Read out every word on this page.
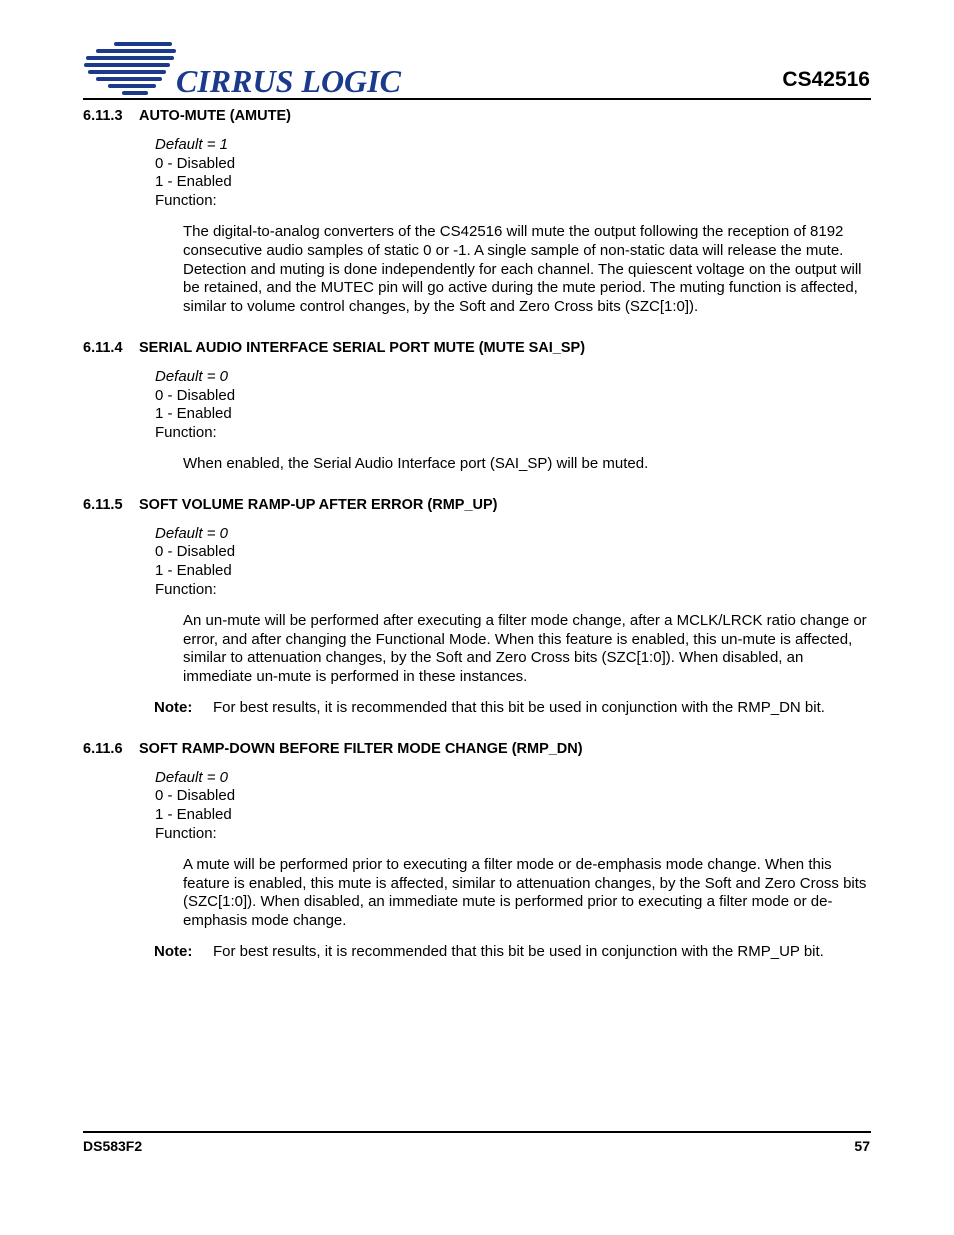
CIRRUS LOGIC	CS42516
6.11.3 AUTO-MUTE (AMUTE)
Default = 1
0 - Disabled
1 - Enabled
Function:
The digital-to-analog converters of the CS42516 will mute the output following the reception of 8192 consecutive audio samples of static 0 or -1. A single sample of non-static data will release the mute. Detection and muting is done independently for each channel. The quiescent voltage on the output will be retained, and the MUTEC pin will go active during the mute period. The muting function is affected, similar to volume control changes, by the Soft and Zero Cross bits (SZC[1:0]).
6.11.4 SERIAL AUDIO INTERFACE SERIAL PORT MUTE (MUTE SAI_SP)
Default = 0
0 - Disabled
1 - Enabled
Function:
When enabled, the Serial Audio Interface port (SAI_SP) will be muted.
6.11.5 SOFT VOLUME RAMP-UP AFTER ERROR (RMP_UP)
Default = 0
0 - Disabled
1 - Enabled
Function:
An un-mute will be performed after executing a filter mode change, after a MCLK/LRCK ratio change or error, and after changing the Functional Mode. When this feature is enabled, this un-mute is affected, similar to attenuation changes, by the Soft and Zero Cross bits (SZC[1:0]). When disabled, an immediate un-mute is performed in these instances.
Note:	For best results, it is recommended that this bit be used in conjunction with the RMP_DN bit.
6.11.6 SOFT RAMP-DOWN BEFORE FILTER MODE CHANGE (RMP_DN)
Default = 0
0 - Disabled
1 - Enabled
Function:
A mute will be performed prior to executing a filter mode or de-emphasis mode change. When this feature is enabled, this mute is affected, similar to attenuation changes, by the Soft and Zero Cross bits (SZC[1:0]). When disabled, an immediate mute is performed prior to executing a filter mode or de-emphasis mode change.
Note:	For best results, it is recommended that this bit be used in conjunction with the RMP_UP bit.
DS583F2	57
